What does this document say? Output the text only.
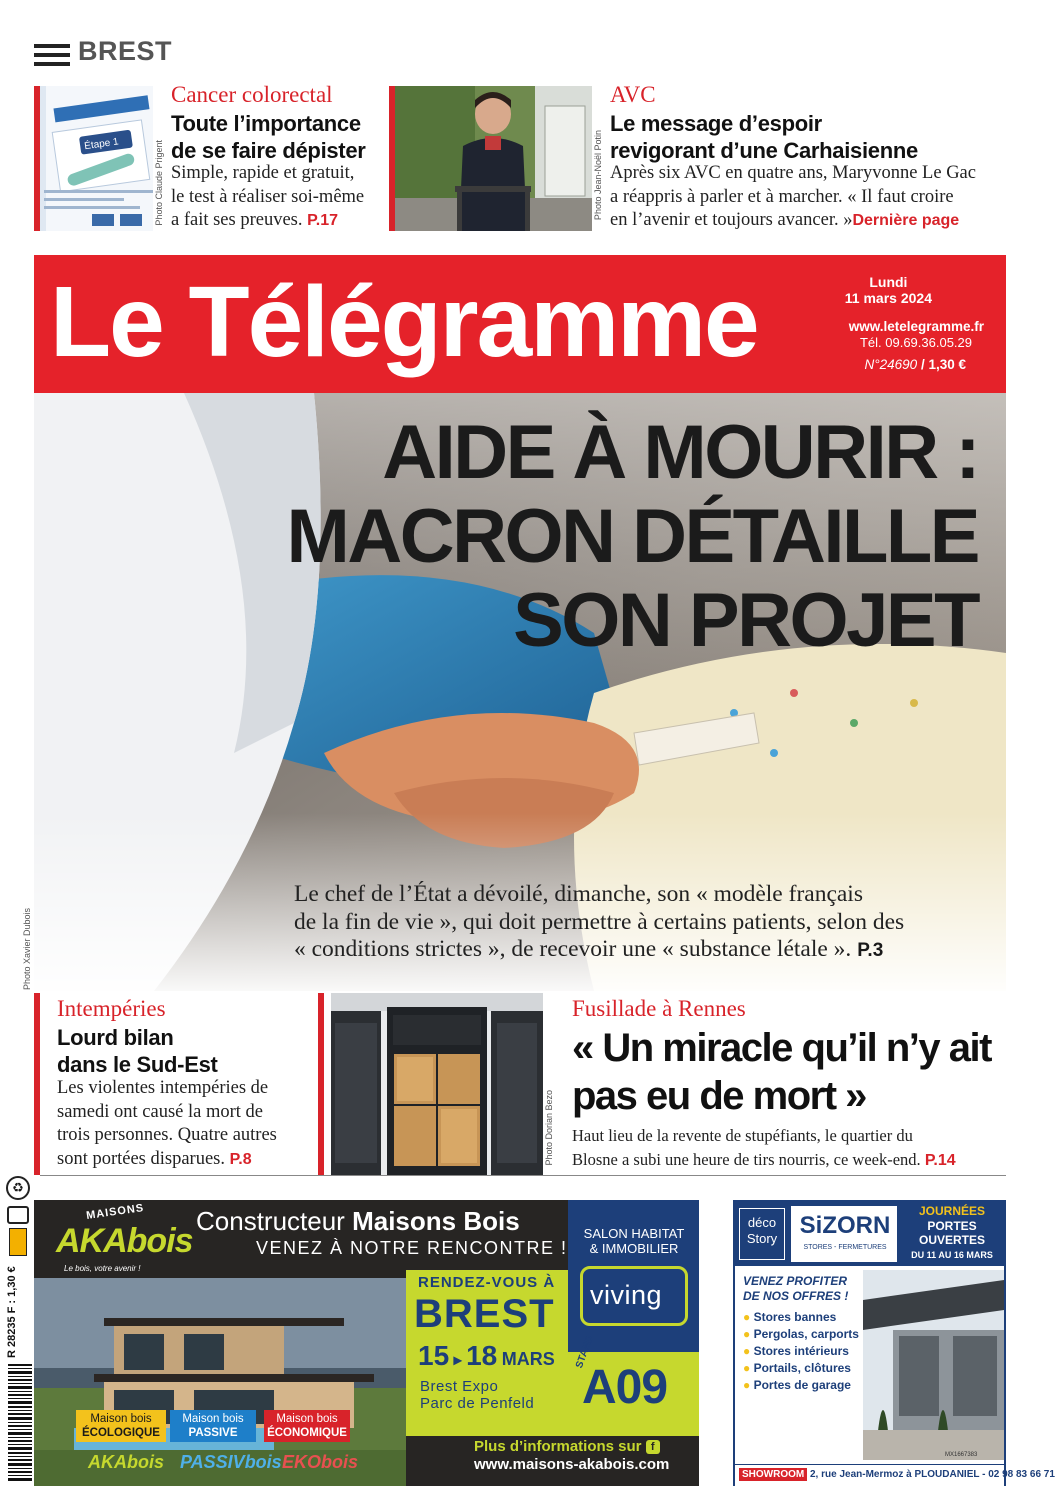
BREST
Étape 1	Photo Claude Prigent
Cancer colorectal
Toute l’importance
de se faire dépister
Simple, rapide et gratuit,
le test à réaliser soi-même
a fait ses preuves. P.17
Photo Jean-Noël Potin
AVC
Le message d’espoir
revigorant d’une Carhaisienne
Après six AVC en quatre ans, Maryvonne Le Gac
a réappris à parler et à marcher. « Il faut croire
en l’avenir et toujours avancer. »Dernière page
Le Télégramme	Lundi
11 mars 2024
www.letelegramme.fr
Tél. 09.69.36.05.29
N°24690 / 1,30 €
AIDE À MOURIR :
MACRON DÉTAILLE
SON PROJET
Le chef de l’État a dévoilé, dimanche, son « modèle français
de la fin de vie », qui doit permettre à certains patients, selon des
« conditions strictes », de recevoir une « substance létale ». P.3
Photo Xavier Dubois
Intempéries
Lourd bilan
dans le Sud-Est
Les violentes intempéries de
samedi ont causé la mort de
trois personnes. Quatre autres
sont portées disparues. P.8	Photo Dorian Bezo
Fusillade à Rennes
« Un miracle qu’il n’y ait
pas eu de mort »
Haut lieu de la revente de stupéfiants, le quartier du
Blosne a subi une heure de tirs nourris, ce week-end. P.14
♻
R 28235 F : 1,30 €
MAISONS
AKAbois
Le bois, votre avenir !
Constructeur Maisons Bois
VENEZ À NOTRE RENCONTRE !
Maison bois
ÉCOLOGIQUE
Maison bois
PASSIVE
Maison bois
ÉCONOMIQUE
AKAbois PASSIVbois EKObois
RENDEZ-VOUS À
BREST
15 ▸ 18 MARS
Brest Expo
Parc de Penfeld
SALON HABITAT
& IMMOBILIER
viving
STAND
A09
Plus d’informations sur f
www.maisons-akabois.com
déco Story SiZORN
STORES - FERMETURES
JOURNÉES
PORTES
OUVERTES
DU 11 AU 16 MARS
VENEZ PROFITER
DE NOS OFFRES !
● Stores bannes
● Pergolas, carports
● Stores intérieurs
● Portails, clôtures
● Portes de garage
MX1667383
SHOWROOM 2, rue Jean-Mermoz à PLOUDANIEL - 02 98 83 66 71
